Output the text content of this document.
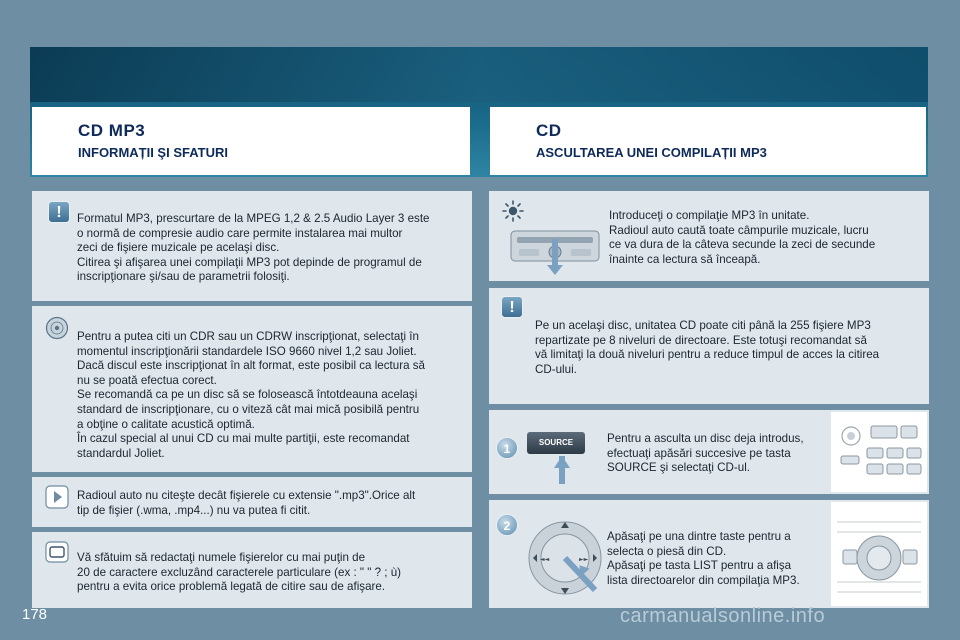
CD MP3
INFORMAȚII ŞI SFATURI
CD
ASCULTAREA UNEI COMPILAȚII MP3
!	Formatul MP3, prescurtare de la MPEG 1,2 & 2.5 Audio Layer 3 este
o normă de compresie audio care permite instalarea mai multor
zeci de fişiere muzicale pe acelaşi disc.
Citirea şi afişarea unei compilaţii MP3 pot depinde de programul de
inscripţionare şi/sau de parametrii folosiţi.

Pentru a putea citi un CDR sau un CDRW inscripţionat, selectaţi în
momentul inscripţionării standardele ISO 9660 nivel 1,2 sau Joliet.
Dacă discul este inscripţionat în alt format, este posibil ca lectura să
nu se poată efectua corect.
Se recomandă ca pe un disc să se folosească întotdeauna acelaşi
standard de inscripţionare, cu o viteză cât mai mică posibilă pentru
a obţine o calitate acustică optimă.
În cazul special al unui CD cu mai multe partiţii, este recomandat
standardul Joliet.

Radioul auto nu citeşte decât fişierele cu extensie ".mp3".Orice alt
tip de fişier (.wma, .mp4...) nu va putea fi citit.

Vă sfătuim să redactaţi numele fişierelor cu mai puţin de
20 de caractere excluzând caracterele particulare (ex : " " ? ; ù)
pentru a evita orice problemă legată de citire sau de afişare.

Introduceţi o compilaţie MP3 în unitate.
Radioul auto caută toate câmpurile muzicale, lucru
ce va dura de la câteva secunde la zeci de secunde
înainte ca lectura să înceapă.

!

Pe un acelaşi disc, unitatea CD poate citi până la 255 fişiere MP3
repartizate pe 8 niveluri de directoare. Este totuşi recomandat să
vă limitaţi la două niveluri pentru a reduce timpul de acces la citirea
CD-ului.

1	SOURCE	Pentru a asculta un disc deja introdus,
efectuaţi apăsări succesive pe tasta
SOURCE şi selectaţi CD-ul.

2
◄◄	►►

Apăsaţi pe una dintre taste pentru a
selecta o piesă din CD.
Apăsaţi pe tasta LIST pentru a afişa
lista directoarelor din compilaţia MP3.

178	carmanualsonline.info
